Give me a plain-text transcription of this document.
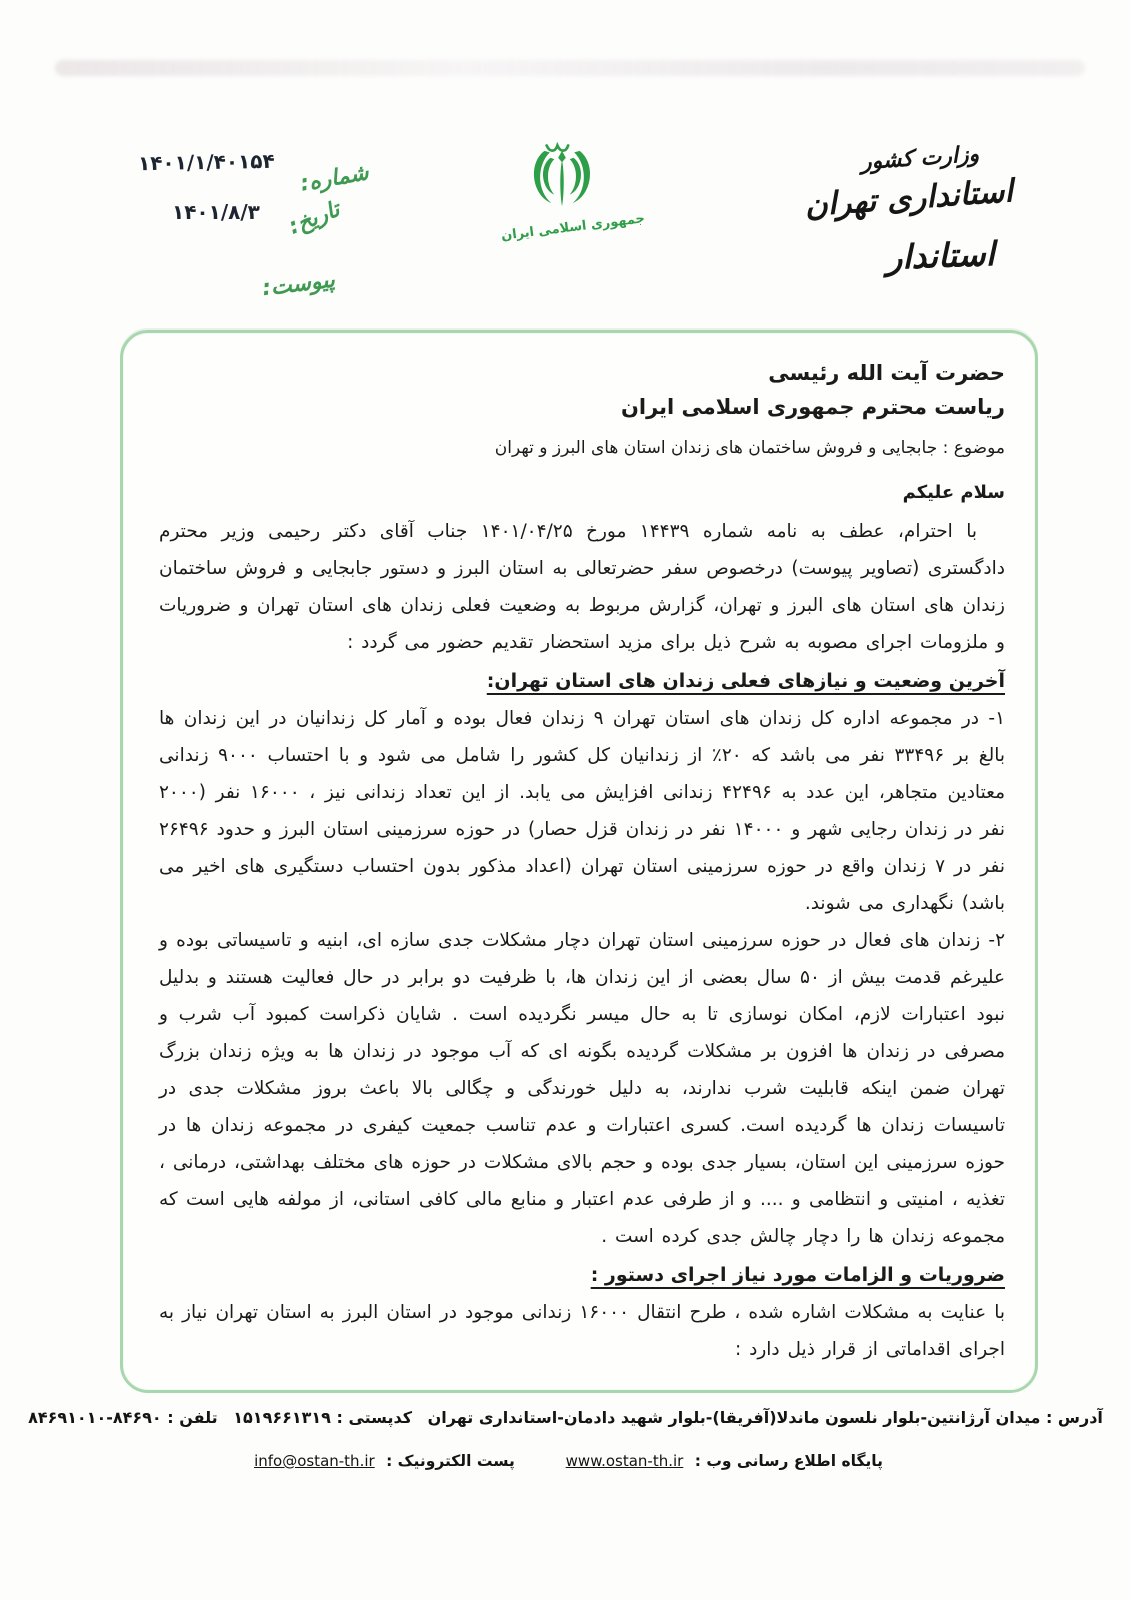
۱۴۰۱/۱/۴۰۱۵۴ شماره:
۱۴۰۱/۸/۳ تاریخ:
پیوست:
جمهوری اسلامی ایران
وزارت کشور
استانداری تهران
استاندار
حضرت آیت الله رئیسی
ریاست محترم جمهوری اسلامی ایران
موضوع : جابجایی و فروش ساختمان های زندان استان های البرز و تهران
سلام علیکم

با احترام، عطف به نامه شماره ۱۴۴۳۹ مورخ ۱۴۰۱/۰۴/۲۵ جناب آقای دکتر رحیمی وزیر محترم دادگستری (تصاویر پیوست) درخصوص سفر حضرتعالی به استان البرز و دستور جابجایی و فروش ساختمان زندان های استان های البرز و تهران، گزارش مربوط به وضعیت فعلی زندان های استان تهران و ضروریات و ملزومات اجرای مصوبه به شرح ذیل برای مزید استحضار تقدیم حضور می گردد :

آخرین وضعیت و نیازهای فعلی زندان های استان تهران:

۱- در مجموعه اداره کل زندان های استان تهران ۹ زندان فعال بوده و آمار کل زندانیان در این زندان ها بالغ بر ۳۳۴۹۶ نفر می باشد که ۲۰٪ از زندانیان کل کشور را شامل می شود و با احتساب ۹۰۰۰ زندانی معتادین متجاهر، این عدد به ۴۲۴۹۶ زندانی افزایش می یابد. از این تعداد زندانی نیز ، ۱۶۰۰۰ نفر (۲۰۰۰ نفر در زندان رجایی شهر و ۱۴۰۰۰ نفر در زندان قزل حصار) در حوزه سرزمینی استان البرز و حدود ۲۶۴۹۶ نفر در ۷ زندان واقع در حوزه سرزمینی استان تهران (اعداد مذکور بدون احتساب دستگیری های اخیر می باشد) نگهداری می شوند.

۲- زندان های فعال در حوزه سرزمینی استان تهران دچار مشکلات جدی سازه ای، ابنیه و تاسیساتی بوده و علیرغم قدمت بیش از ۵۰ سال بعضی از این زندان ها، با ظرفیت دو برابر در حال فعالیت هستند و بدلیل نبود اعتبارات لازم، امکان نوسازی تا به حال میسر نگردیده است . شایان ذکراست کمبود آب شرب و مصرفی در زندان ها افزون بر مشکلات گردیده بگونه ای که آب موجود در زندان ها به ویژه زندان بزرگ تهران ضمن اینکه قابلیت شرب ندارند، به دلیل خورندگی و چگالی بالا باعث بروز مشکلات جدی در تاسیسات زندان ها گردیده است. کسری اعتبارات و عدم تناسب جمعیت کیفری در مجموعه زندان ها در حوزه سرزمینی این استان، بسیار جدی بوده و حجم بالای مشکلات در حوزه های مختلف بهداشتی، درمانی ، تغذیه ، امنیتی و انتظامی و .... و از طرفی عدم اعتبار و منابع مالی کافی استانی، از مولفه هایی است که مجموعه زندان ها را دچار چالش جدی کرده است .

ضروریات و الزامات مورد نیاز اجرای دستور :

با عنایت به مشکلات اشاره شده ، طرح انتقال ۱۶۰۰۰ زندانی موجود در استان البرز به استان تهران نیاز به اجرای اقداماتی از قرار ذیل دارد :

آدرس : میدان آرژانتین-بلوار نلسون ماندلا(آفریقا)-بلوار شهید دادمان-استانداری تهران کدپستی : ۱۵۱۹۶۶۱۳۱۹ تلفن : ۸۴۶۹۰-۸۴۶۹۱۰۱۰
پایگاه اطلاع رسانی وب : www.ostan-th.ir  پست الکترونیک : info@ostan-th.ir
